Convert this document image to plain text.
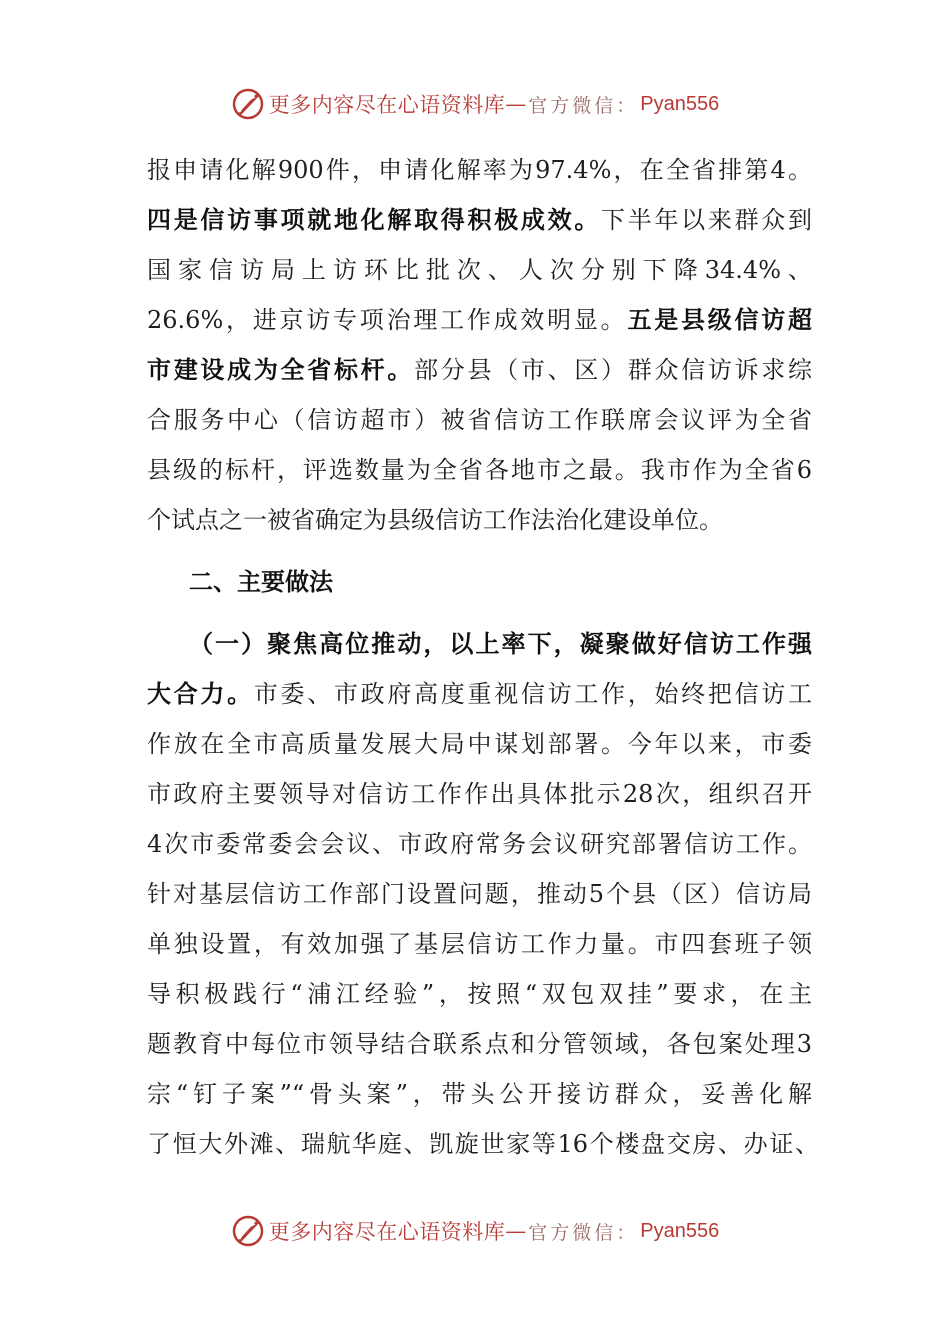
更多内容尽在心语资料库 — 官方微信： Pyan556
报申请化解900件，申请化解率为97.4%，在全省排第4。
四是信访事项就地化解取得积极成效。下半年以来群众到
国家信访局上访环比批次、人次分别下降34.4%、
26.6%，进京访专项治理工作成效明显。五是县级信访超
市建设成为全省标杆。部分县（市、区）群众信访诉求综
合服务中心（信访超市）被省信访工作联席会议评为全省
县级的标杆，评选数量为全省各地市之最。我市作为全省6
个试点之一被省确定为县级信访工作法治化建设单位。
二、主要做法
（一）聚焦高位推动，以上率下，凝聚做好信访工作强
大合力。市委、市政府高度重视信访工作，始终把信访工
作放在全市高质量发展大局中谋划部署。今年以来，市委
市政府主要领导对信访工作作出具体批示28次，组织召开
4次市委常委会会议、市政府常务会议研究部署信访工作。
针对基层信访工作部门设置问题，推动5个县（区）信访局
单独设置，有效加强了基层信访工作力量。市四套班子领
导积极践行“浦江经验”，按照“双包双挂”要求，在主
题教育中每位市领导结合联系点和分管领域，各包案处理3
宗“钉子案”“骨头案”，带头公开接访群众，妥善化解
了恒大外滩、瑞航华庭、凯旋世家等16个楼盘交房、办证、
更多内容尽在心语资料库 — 官方微信： Pyan556
